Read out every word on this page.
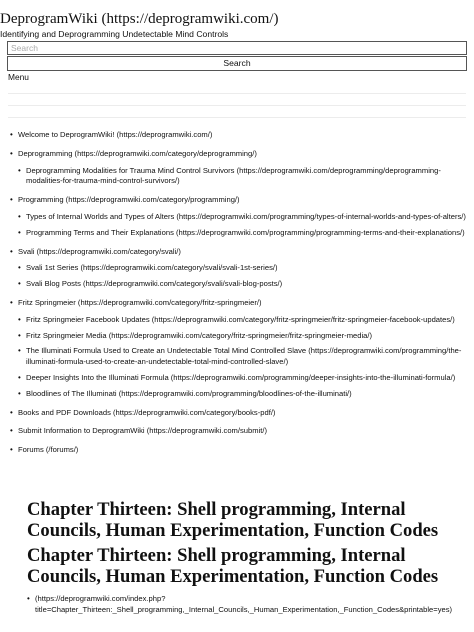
DeprogramWiki (https://deprogramwiki.com/)
Identifying and Deprogramming Undetectable Mind Controls
Search
Search
Menu
• Welcome to DeprogramWiki! (https://deprogramwiki.com/)
• Deprogramming (https://deprogramwiki.com/category/deprogramming/)
• Deprogramming Modalities for Trauma Mind Control Survivors (https://deprogramwiki.com/deprogramming/deprogramming-modalities-for-trauma-mind-control-survivors/)
• Programming (https://deprogramwiki.com/category/programming/)
• Types of Internal Worlds and Types of Alters (https://deprogramwiki.com/programming/types-of-internal-worlds-and-types-of-alters/)
• Programming Terms and Their Explanations (https://deprogramwiki.com/programming/programming-terms-and-their-explanations/)
• Svali (https://deprogramwiki.com/category/svali/)
• Svali 1st Series (https://deprogramwiki.com/category/svali/svali-1st-series/)
• Svali Blog Posts (https://deprogramwiki.com/category/svali/svali-blog-posts/)
• Fritz Springmeier (https://deprogramwiki.com/category/fritz-springmeier/)
• Fritz Springmeier Facebook Updates (https://deprogramwiki.com/category/fritz-springmeier/fritz-springmeier-facebook-updates/)
• Fritz Springmeier Media (https://deprogramwiki.com/category/fritz-springmeier/fritz-springmeier-media/)
• The Illuminati Formula Used to Create an Undetectable Total Mind Controlled Slave (https://deprogramwiki.com/programming/the-illuminati-formula-used-to-create-an-undetectable-total-mind-controlled-slave/)
• Deeper Insights Into the Illuminati Formula (https://deprogramwiki.com/programming/deeper-insights-into-the-illuminati-formula/)
• Bloodlines of The Illuminati (https://deprogramwiki.com/programming/bloodlines-of-the-illuminati/)
• Books and PDF Downloads (https://deprogramwiki.com/category/books-pdf/)
• Submit Information to DeprogramWiki (https://deprogramwiki.com/submit/)
• Forums (/forums/)
Chapter Thirteen: Shell programming, Internal Councils, Human Experimentation, Function Codes
Chapter Thirteen: Shell programming, Internal Councils, Human Experimentation, Function Codes
• (https://deprogramwiki.com/index.php?title=Chapter_Thirteen:_Shell_programming,_Internal_Councils,_Human_Experimentation,_Function_Codes&printable=yes)
